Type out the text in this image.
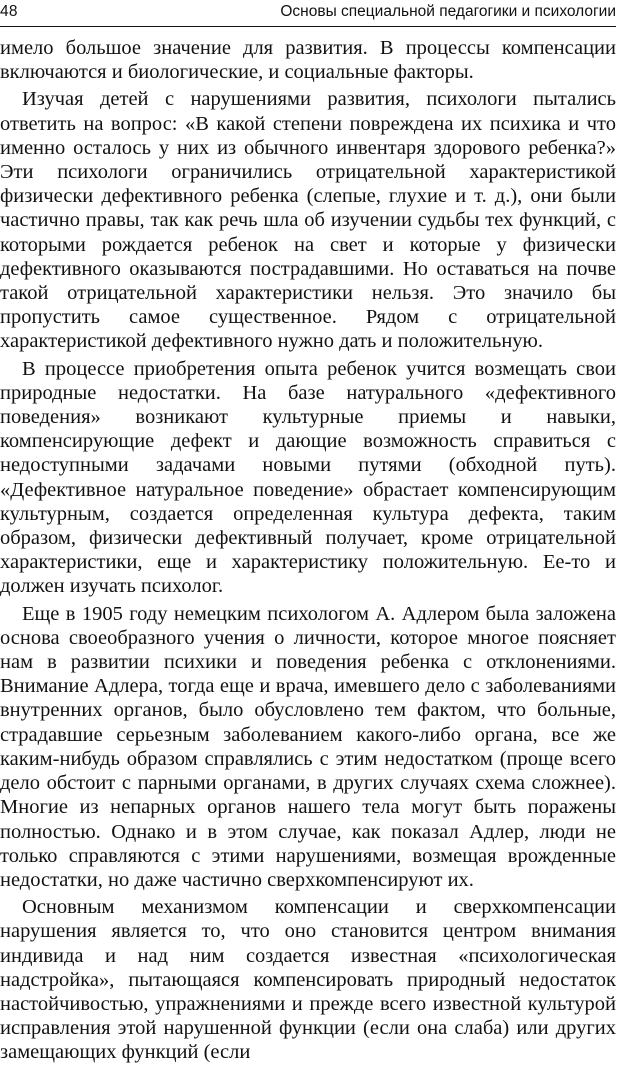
48	Основы специальной педагогики и психологии

имело большое значение для развития. В процессы компенсации включаются и биологические, и социальные факторы.

Изучая детей с нарушениями развития, психологи пытались ответить на вопрос: «В какой степени повреждена их психика и что именно осталось у них из обычного инвентаря здорового ребенка?» Эти психологи ограничились отрицательной характеристикой физически дефективного ребенка (слепые, глухие и т. д.), они были частично правы, так как речь шла об изучении судьбы тех функций, с которыми рождается ребенок на свет и которые у физически дефективного оказываются пострадавшими. Но оставаться на почве такой отрицательной характеристики нельзя. Это значило бы пропустить самое существенное. Рядом с отрицательной характеристикой дефективного нужно дать и положительную.

В процессе приобретения опыта ребенок учится возмещать свои природные недостатки. На базе натурального «дефективного поведения» возникают культурные приемы и навыки, компенсирующие дефект и дающие возможность справиться с недоступными задачами новыми путями (обходной путь). «Дефективное натуральное поведение» обрастает компенсирующим культурным, создается определенная культура дефекта, таким образом, физически дефективный получает, кроме отрицательной характеристики, еще и характеристику положительную. Ее-то и должен изучать психолог.

Еще в 1905 году немецким психологом А. Адлером была заложена основа своеобразного учения о личности, которое многое поясняет нам в развитии психики и поведения ребенка с отклонениями. Внимание Адлера, тогда еще и врача, имевшего дело с заболеваниями внутренних органов, было обусловлено тем фактом, что больные, страдавшие серьезным заболеванием какого-либо органа, все же каким-нибудь образом справлялись с этим недостатком (проще всего дело обстоит с парными органами, в других случаях схема сложнее). Многие из непарных органов нашего тела могут быть поражены полностью. Однако и в этом случае, как показал Адлер, люди не только справляются с этими нарушениями, возмещая врожденные недостатки, но даже частично сверхкомпенсируют их.

Основным механизмом компенсации и сверхкомпенсации нарушения является то, что оно становится центром внимания индивида и над ним создается известная «психологическая надстройка», пытающаяся компенсировать природный недостаток настойчивостью, упражнениями и прежде всего известной культурой исправления этой нарушенной функции (если она слаба) или других замещающих функций (если
